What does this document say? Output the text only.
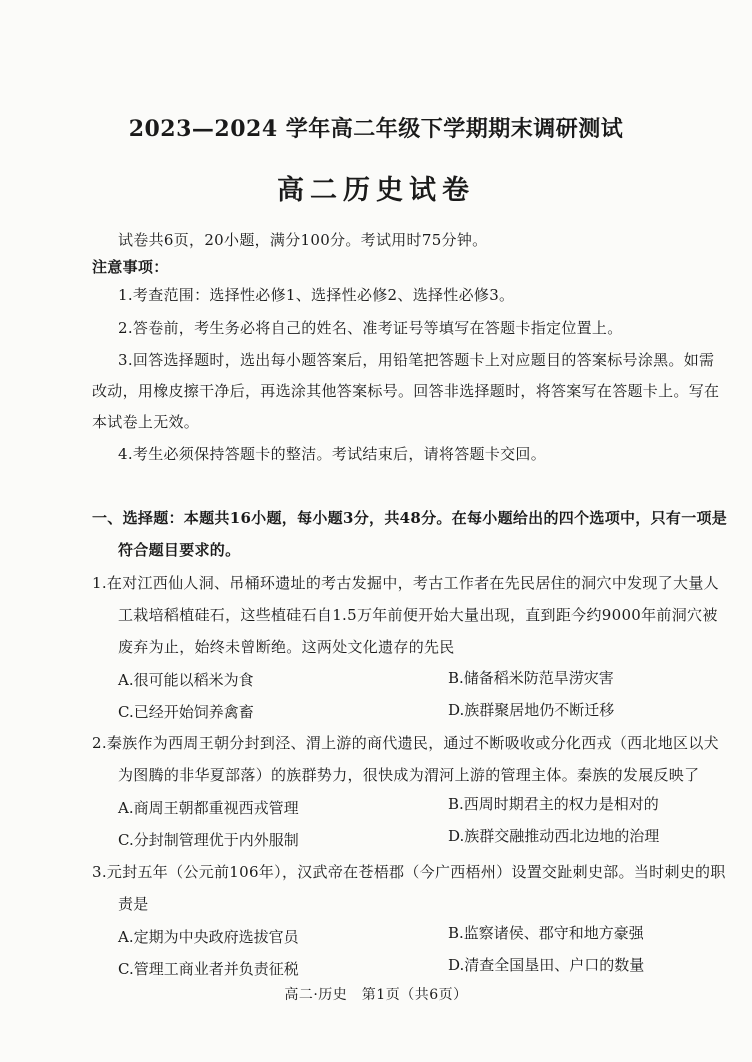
2023—2024 学年高二年级下学期期末调研测试
高二历史试卷
试卷共6页，20小题，满分100分。考试用时75分钟。
注意事项：
1.考查范围：选择性必修1、选择性必修2、选择性必修3。
2.答卷前，考生务必将自己的姓名、准考证号等填写在答题卡指定位置上。
3.回答选择题时，选出每小题答案后，用铅笔把答题卡上对应题目的答案标号涂黑。如需
改动，用橡皮擦干净后，再选涂其他答案标号。回答非选择题时，将答案写在答题卡上。写在
本试卷上无效。
4.考生必须保持答题卡的整洁。考试结束后，请将答题卡交回。
一、选择题：本题共16小题，每小题3分，共48分。在每小题给出的四个选项中，只有一项是
符合题目要求的。
1.在对江西仙人洞、吊桶环遗址的考古发掘中，考古工作者在先民居住的洞穴中发现了大量人
工栽培稻植硅石，这些植硅石自1.5万年前便开始大量出现，直到距今约9000年前洞穴被
废弃为止，始终未曾断绝。这两处文化遗存的先民
A.很可能以稻米为食	B.储备稻米防范旱涝灾害
C.已经开始饲养禽畜	D.族群聚居地仍不断迁移
2.秦族作为西周王朝分封到泾、渭上游的商代遗民，通过不断吸收或分化西戎（西北地区以犬
为图腾的非华夏部落）的族群势力，很快成为渭河上游的管理主体。秦族的发展反映了
A.商周王朝都重视西戎管理	B.西周时期君主的权力是相对的
C.分封制管理优于内外服制	D.族群交融推动西北边地的治理
3.元封五年（公元前106年），汉武帝在苍梧郡（今广西梧州）设置交趾刺史部。当时刺史的职
责是
A.定期为中央政府选拔官员	B.监察诸侯、郡守和地方豪强
C.管理工商业者并负责征税	D.清查全国垦田、户口的数量
高二·历史　第1页（共6页）
